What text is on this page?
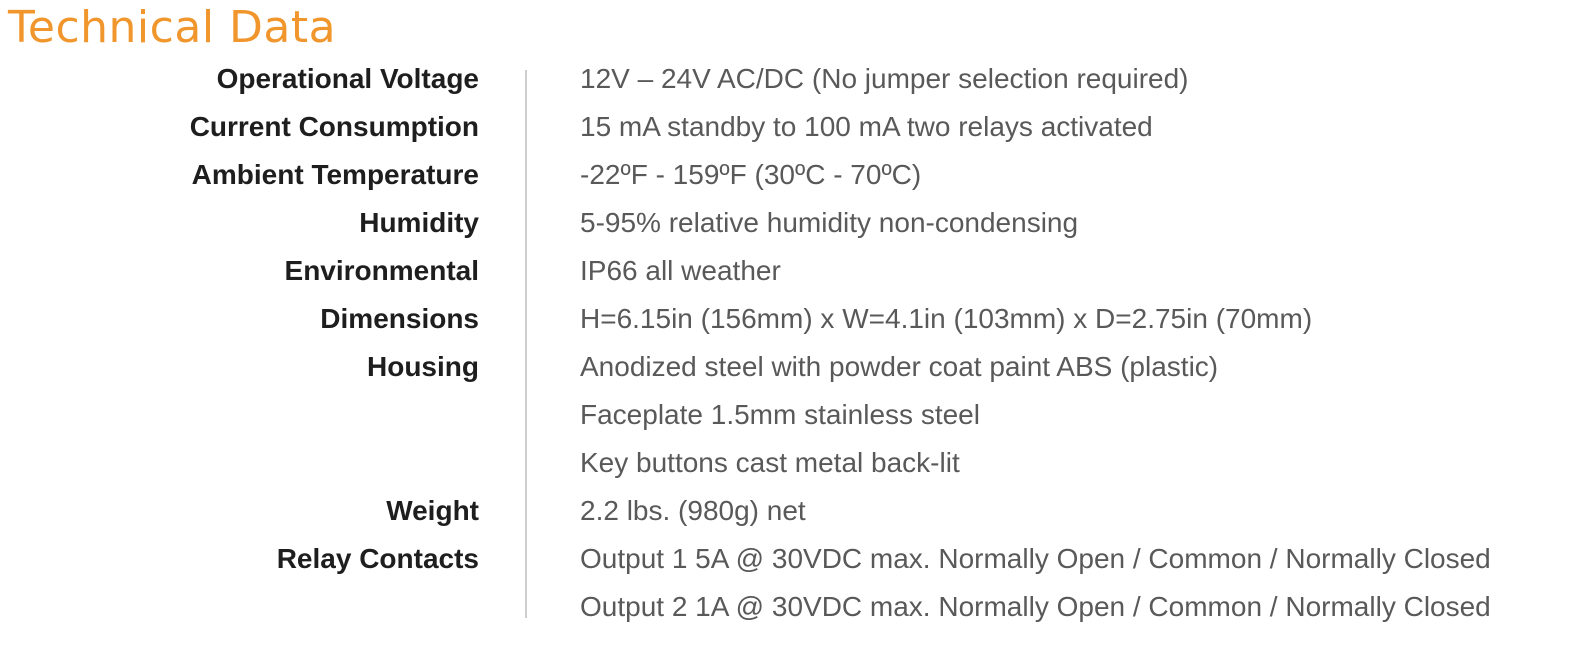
Technical Data
Operational Voltage	12V – 24V AC/DC (No jumper selection required)
Current Consumption	15 mA standby to 100 mA two relays activated
Ambient Temperature	-22ºF - 159ºF (30ºC - 70ºC)
Humidity	5-95% relative humidity non-condensing
Environmental	IP66 all weather
Dimensions	H=6.15in (156mm) x W=4.1in (103mm) x D=2.75in (70mm)
Housing	Anodized steel with powder coat paint ABS (plastic)
Faceplate 1.5mm stainless steel
Key buttons cast metal back-lit
Weight	2.2 lbs. (980g) net
Relay Contacts	Output 1 5A @ 30VDC max. Normally Open / Common / Normally Closed
Output 2 1A @ 30VDC max. Normally Open / Common / Normally Closed
